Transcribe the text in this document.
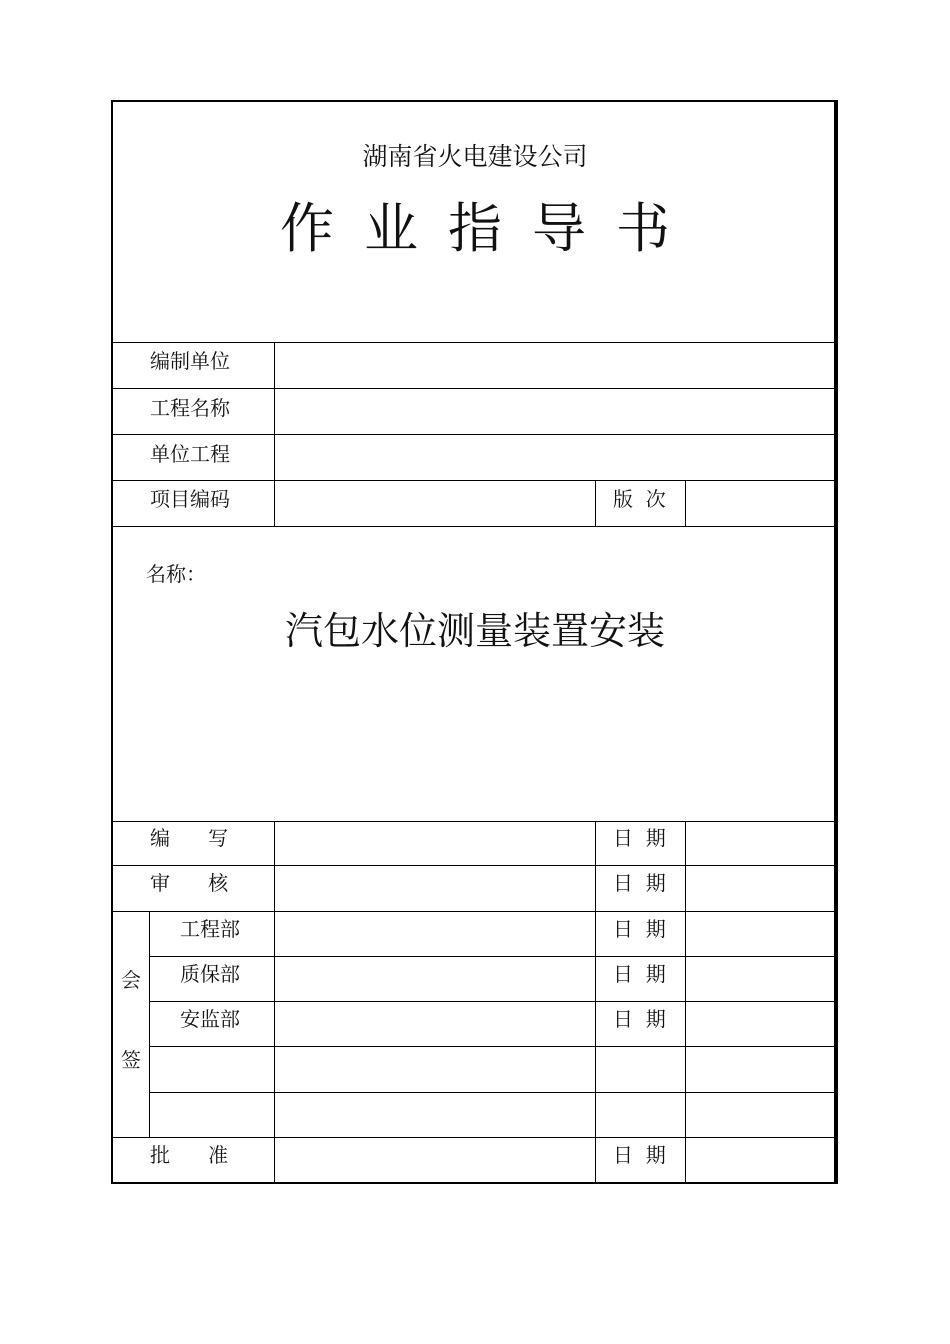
湖南省火电建设公司
作业指导书
编制单位
工程名称
单位工程
项目编码	版  次
名称：
汽包水位测量装置安装
编      写	日  期
审      核	日  期
会
签
工程部	日  期
质保部	日  期
安监部	日  期
批      准	日  期
